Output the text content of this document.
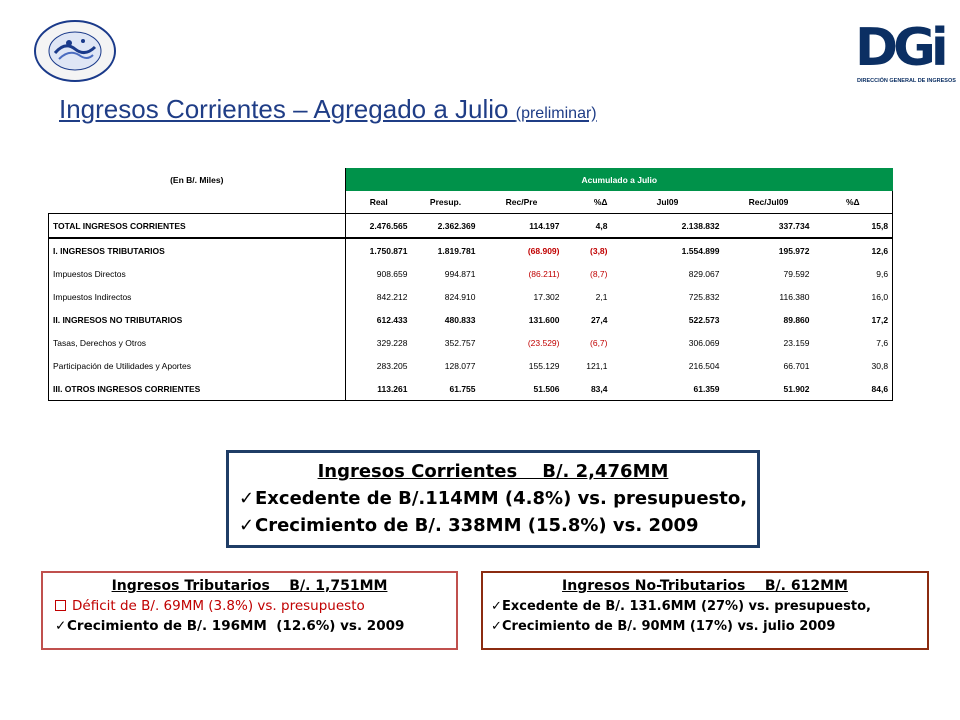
DGi
DIRECCIÓN GENERAL DE INGRESOS
Ingresos Corrientes – Agregado a Julio (preliminar)
(En B/. Miles)	Acumulado a Julio						
	Real	Presup.	Rec/Pre	%Δ	Jul09	Rec/Jul09	%Δ
TOTAL INGRESOS CORRIENTES	2.476.565	2.362.369	114.197	4,8	2.138.832	337.734	15,8
I. INGRESOS TRIBUTARIOS	1.750.871	1.819.781	(68.909)	(3,8)	1.554.899	195.972	12,6
Impuestos Directos	908.659	994.871	(86.211)	(8,7)	829.067	79.592	9,6
Impuestos Indirectos	842.212	824.910	17.302	2,1	725.832	116.380	16,0
II. INGRESOS NO TRIBUTARIOS	612.433	480.833	131.600	27,4	522.573	89.860	17,2
Tasas, Derechos y Otros	329.228	352.757	(23.529)	(6,7)	306.069	23.159	7,6
Participación de Utilidades y Aportes	283.205	128.077	155.129	121,1	216.504	66.701	30,8
III. OTROS INGRESOS CORRIENTES	113.261	61.755	51.506	83,4	61.359	51.902	84,6
Ingresos Corrientes    B/. 2,476MM
✓Excedente de B/.114MM (4.8%) vs. presupuesto,
✓Crecimiento de B/. 338MM (15.8%) vs. 2009
Ingresos Tributarios    B/. 1,751MM
Déficit de B/. 69MM (3.8%) vs. presupuesto
✓Crecimiento de B/. 196MM  (12.6%) vs. 2009
Ingresos No-Tributarios    B/. 612MM
✓Excedente de B/. 131.6MM (27%) vs. presupuesto,
✓Crecimiento de B/. 90MM (17%) vs. julio 2009
